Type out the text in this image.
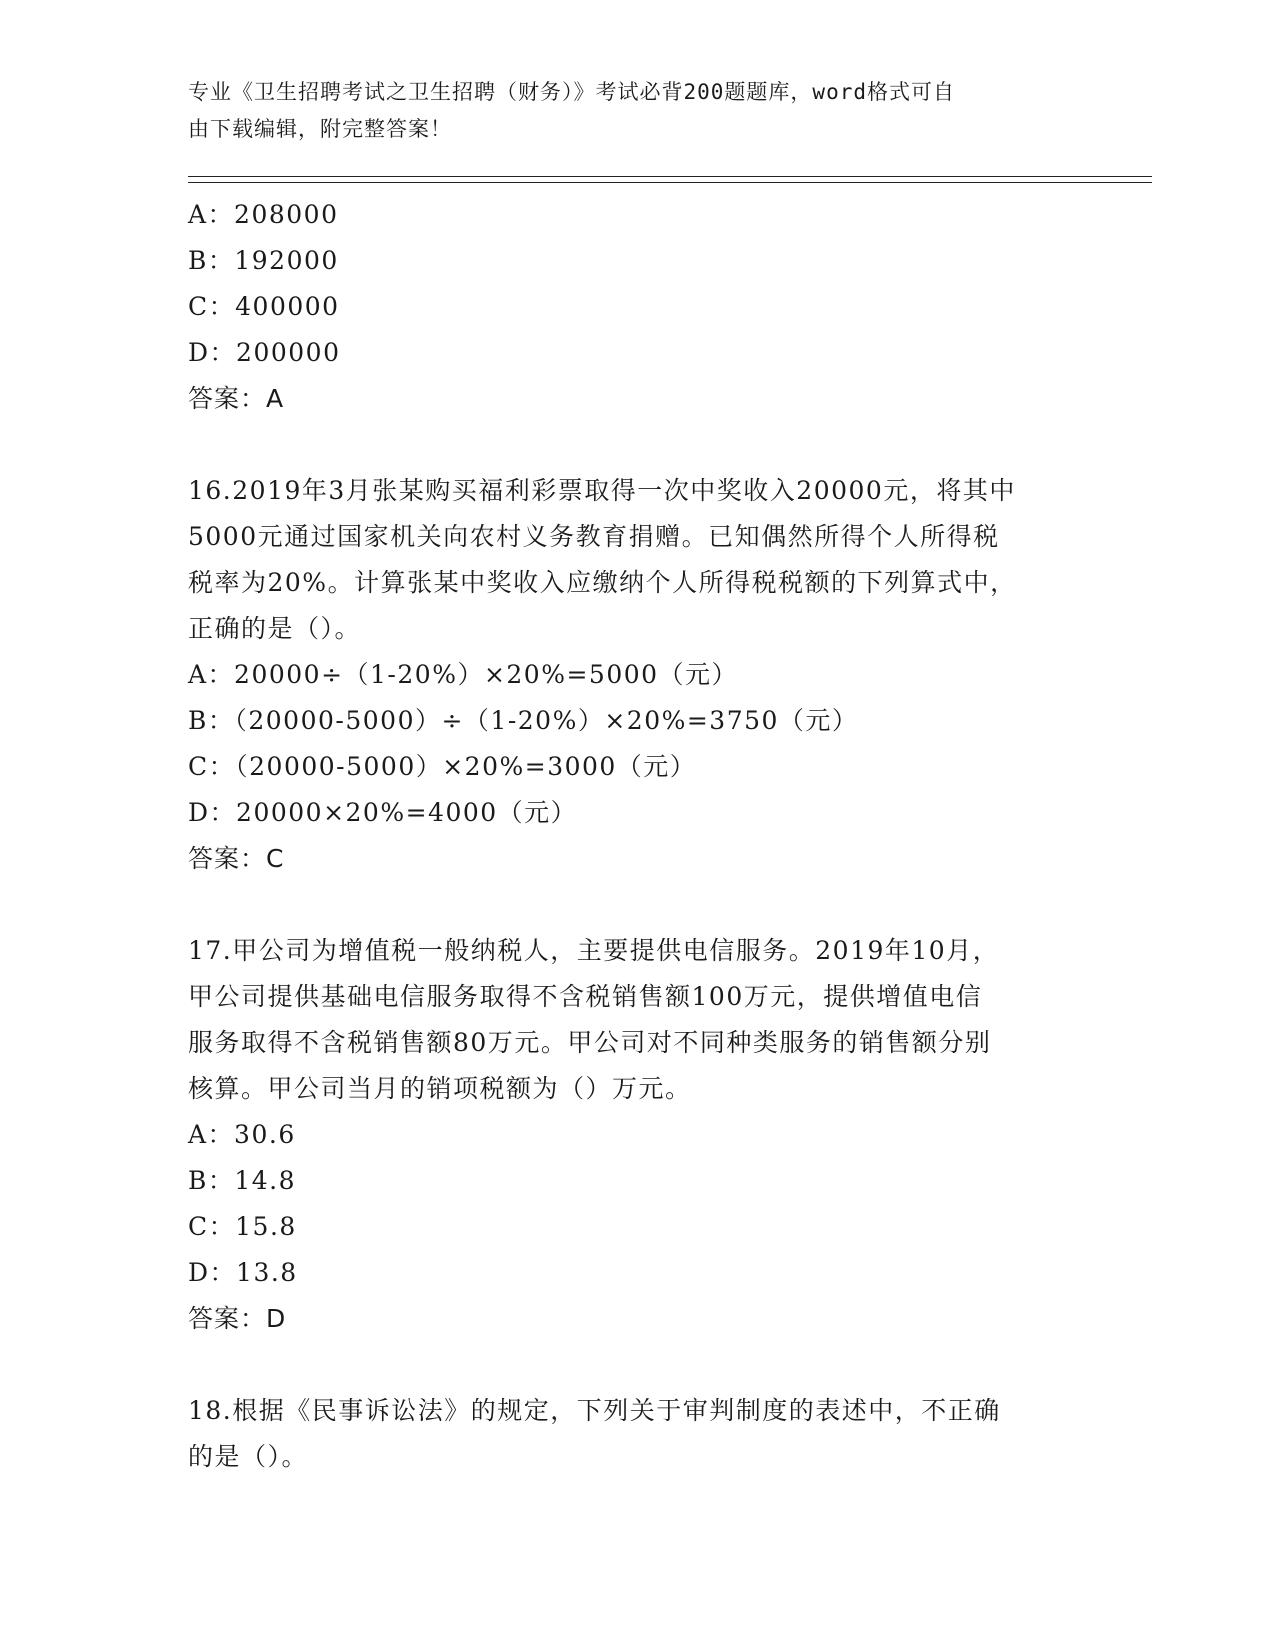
专业《卫生招聘考试之卫生招聘（财务）》考试必背200题题库，word格式可自
由下载编辑，附完整答案！
A：208000
B：192000
C：400000
D：200000
答案：A
16.2019年3月张某购买福利彩票取得一次中奖收入20000元，将其中
5000元通过国家机关向农村义务教育捐赠。已知偶然所得个人所得税
税率为20%。计算张某中奖收入应缴纳个人所得税税额的下列算式中，
正确的是（）。
A：20000÷（1-20%）×20%=5000（元）
B：（20000-5000）÷（1-20%）×20%=3750（元）
C：（20000-5000）×20%=3000（元）
D：20000×20%=4000（元）
答案：C
17.甲公司为增值税一般纳税人，主要提供电信服务。2019年10月，
甲公司提供基础电信服务取得不含税销售额100万元，提供增值电信
服务取得不含税销售额80万元。甲公司对不同种类服务的销售额分别
核算。甲公司当月的销项税额为（）万元。
A：30.6
B：14.8
C：15.8
D：13.8
答案：D
18.根据《民事诉讼法》的规定，下列关于审判制度的表述中，不正确
的是（）。
